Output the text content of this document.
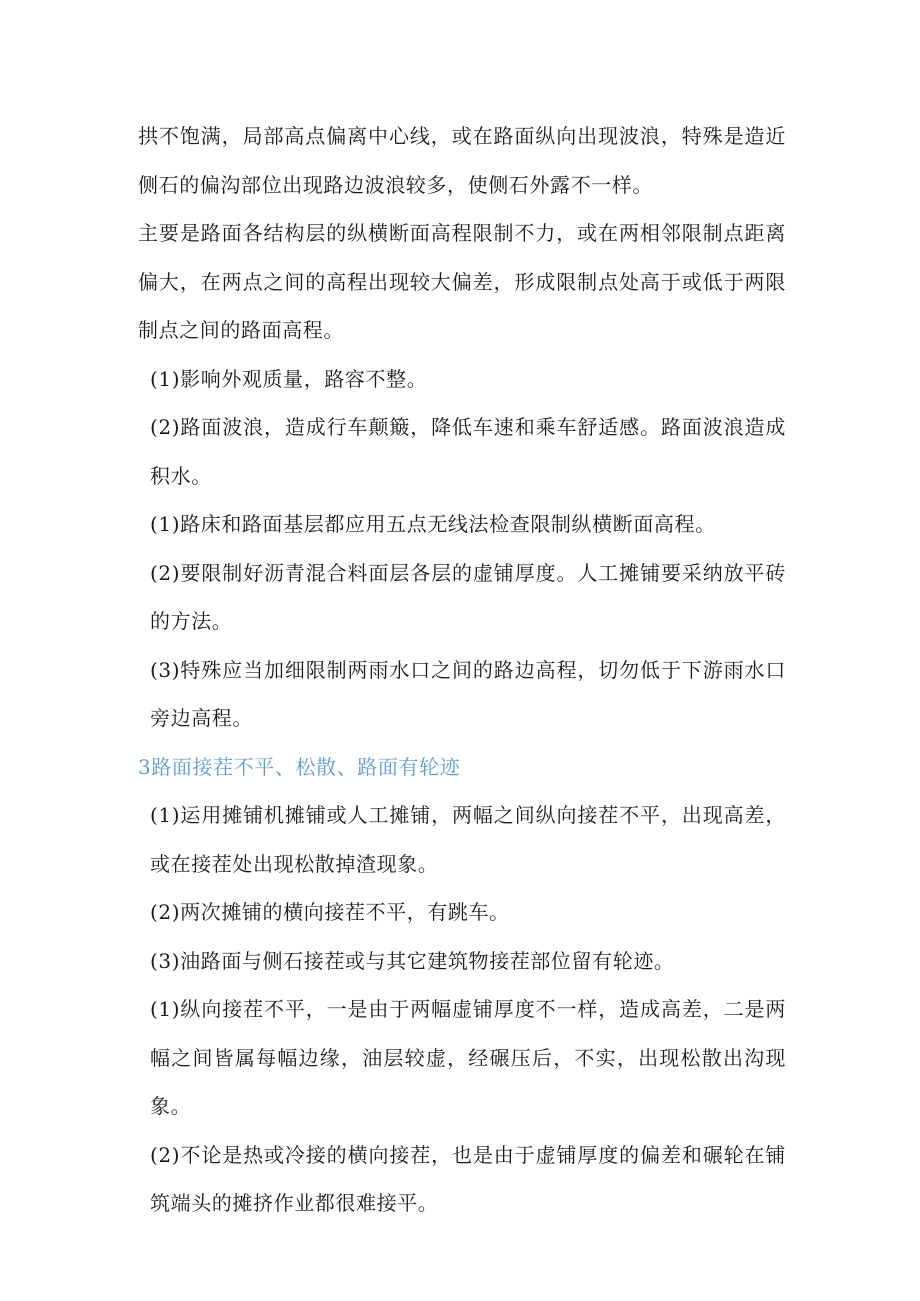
拱不饱满，局部高点偏离中心线，或在路面纵向出现波浪，特殊是造近侧石的偏沟部位出现路边波浪较多，使侧石外露不一样。

主要是路面各结构层的纵横断面高程限制不力，或在两相邻限制点距离偏大，在两点之间的高程出现较大偏差，形成限制点处高于或低于两限制点之间的路面高程。

(1)影响外观质量，路容不整。

(2)路面波浪，造成行车颠簸，降低车速和乘车舒适感。路面波浪造成积水。

(1)路床和路面基层都应用五点无线法检查限制纵横断面高程。

(2)要限制好沥青混合料面层各层的虚铺厚度。人工摊铺要采纳放平砖的方法。

(3)特殊应当加细限制两雨水口之间的路边高程，切勿低于下游雨水口旁边高程。

3路面接茬不平、松散、路面有轮迹

(1)运用摊铺机摊铺或人工摊铺，两幅之间纵向接茬不平，出现高差，或在接茬处出现松散掉渣现象。

(2)两次摊铺的横向接茬不平，有跳车。

(3)油路面与侧石接茬或与其它建筑物接茬部位留有轮迹。

(1)纵向接茬不平，一是由于两幅虚铺厚度不一样，造成高差，二是两幅之间皆属每幅边缘，油层较虚，经碾压后，不实，出现松散出沟现象。

(2)不论是热或冷接的横向接茬，也是由于虚铺厚度的偏差和碾轮在铺筑端头的摊挤作业都很难接平。
